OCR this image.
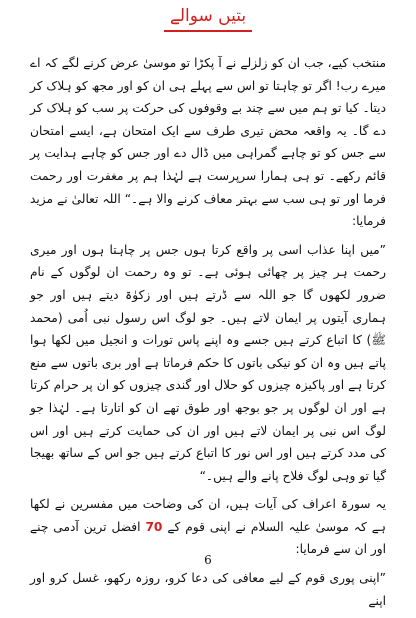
بتیں سوالے

منتخب کیے، جب ان کو زلزلے نے آ پکڑا تو موسیٰ عرض کرنے لگے کہ اے میرے رب! اگر تو چاہتا تو اس سے پہلے ہی ان کو اور مجھ کو ہلاک کر دیتا۔ کیا تو ہم میں سے چند بے وقوفوں کی حرکت پر سب کو ہلاک کر دے گا۔ یہ واقعہ محض تیری طرف سے ایک امتحان ہے، ایسے امتحان سے جس کو تو چاہے گمراہی میں ڈال دے اور جس کو چاہے ہدایت پر قائم رکھے۔ تو ہی ہمارا سرپرست ہے لہٰذا ہم پر مغفرت اور رحمت فرما اور تو ہی سب سے بہتر معاف کرنے والا ہے۔“ اللہ تعالیٰ نے مزید فرمایا:

”میں اپنا عذاب اسی پر واقع کرتا ہوں جس پر چاہتا ہوں اور میری رحمت ہر چیز پر چھائی ہوئی ہے۔ تو وہ رحمت ان لوگوں کے نام ضرور لکھوں گا جو اللہ سے ڈرتے ہیں اور زکوٰۃ دیتے ہیں اور جو ہماری آیتوں پر ایمان لاتے ہیں۔ جو لوگ اس رسول نبی اُمی (محمد ﷺ) کا اتباع کرتے ہیں جسے وہ اپنے پاس تورات و انجیل میں لکھا ہوا پاتے ہیں وہ ان کو نیکی باتوں کا حکم فرماتا ہے اور بری باتوں سے منع کرتا ہے اور پاکیزہ چیزوں کو حلال اور گندی چیزوں کو ان پر حرام کرتا ہے اور ان لوگوں پر جو بوجھ اور طوق تھے ان کو اتارتا ہے۔ لہٰذا جو لوگ اس نبی پر ایمان لاتے ہیں اور ان کی حمایت کرتے ہیں اور اس کی مدد کرتے ہیں اور اس نور کا اتباع کرتے ہیں جو اس کے ساتھ بھیجا گیا تو وہی لوگ فلاح پانے والے ہیں۔“

یہ سورۃ اعراف کی آیات ہیں، ان کی وضاحت میں مفسرین نے لکھا ہے کہ موسیٰ علیہ السلام نے اپنی قوم کے 70 افضل ترین آدمی چنے اور ان سے فرمایا:

”اپنی پوری قوم کے لیے معافی کی دعا کرو، روزہ رکھو، غسل کرو اور اپنے

6
